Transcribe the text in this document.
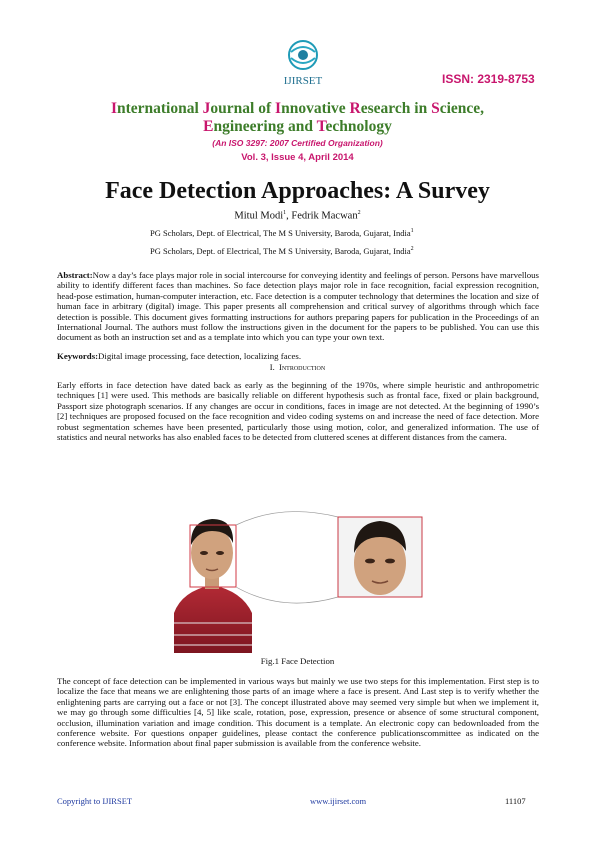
IJIRSET	ISSN: 2319-8753
International Journal of Innovative Research in Science,
Engineering and Technology
(An ISO 3297: 2007 Certified Organization)
Vol. 3, Issue 4, April 2014
Face Detection Approaches: A Survey
Mitul Modi$^1$, Fedrik Macwan$^2$
PG Scholars, Dept. of Electrical, The M S University, Baroda, Gujarat, India$^1$
PG Scholars, Dept. of Electrical, The M S University, Baroda, Gujarat, India$^2$
Abstract:Now a day’s face plays major role in social intercourse for conveying identity and feelings of person. Persons have marvellous ability to identify different faces than machines. So face detection plays major role in face recognition, facial expression recognition, head-pose estimation, human-computer interaction, etc. Face detection is a computer technology that determines the location and size of human face in arbitrary (digital) image. This paper presents all comprehension and critical survey of algorithms through which face detection is possible. This document gives formatting instructions for authors preparing papers for publication in the Proceedings of an International Journal. The authors must follow the instructions given in the document for the papers to be published. You can use this document as both an instruction set and as a template into which you can type your own text.
Keywords:Digital image processing, face detection, localizing faces.
I. Introduction
Early efforts in face detection have dated back as early as the beginning of the 1970s, where simple heuristic and anthropometric techniques [1] were used. This methods are basically reliable on different hypothesis such as frontal face, fixed or plain background, Passport size photograph scenarios. If any changes are occur in conditions, faces in image are not detected. At the beginning of 1990’s [2] techniques are proposed focused on the face recognition and video coding systems on and increase the need of face detection. More robust segmentation schemes have been presented, particularly those using motion, color, and generalized information. The use of statistics and neural networks has also enabled faces to be detected from cluttered scenes at different distances from the camera.
Fig.1 Face Detection
The concept of face detection can be implemented in various ways but mainly we use two steps for this implementation. First step is to localize the face that means we are enlightening those parts of an image where a face is present. And Last step is to verify whether the enlightening parts are carrying out a face or not [3]. The concept illustrated above may seemed very simple but when we implement it, we may go through some difficulties [4, 5] like scale, rotation, pose, expression, presence or absence of some structural component, occlusion, illumination variation and image condition. This document is a template. An electronic copy can bedownloaded from the conference website. For questions onpaper guidelines, please contact the conference publicationscommittee as indicated on the conference website. Information about final paper submission is available from the conference website.
Copyright to IJIRSET	www.ijirset.com	11107
